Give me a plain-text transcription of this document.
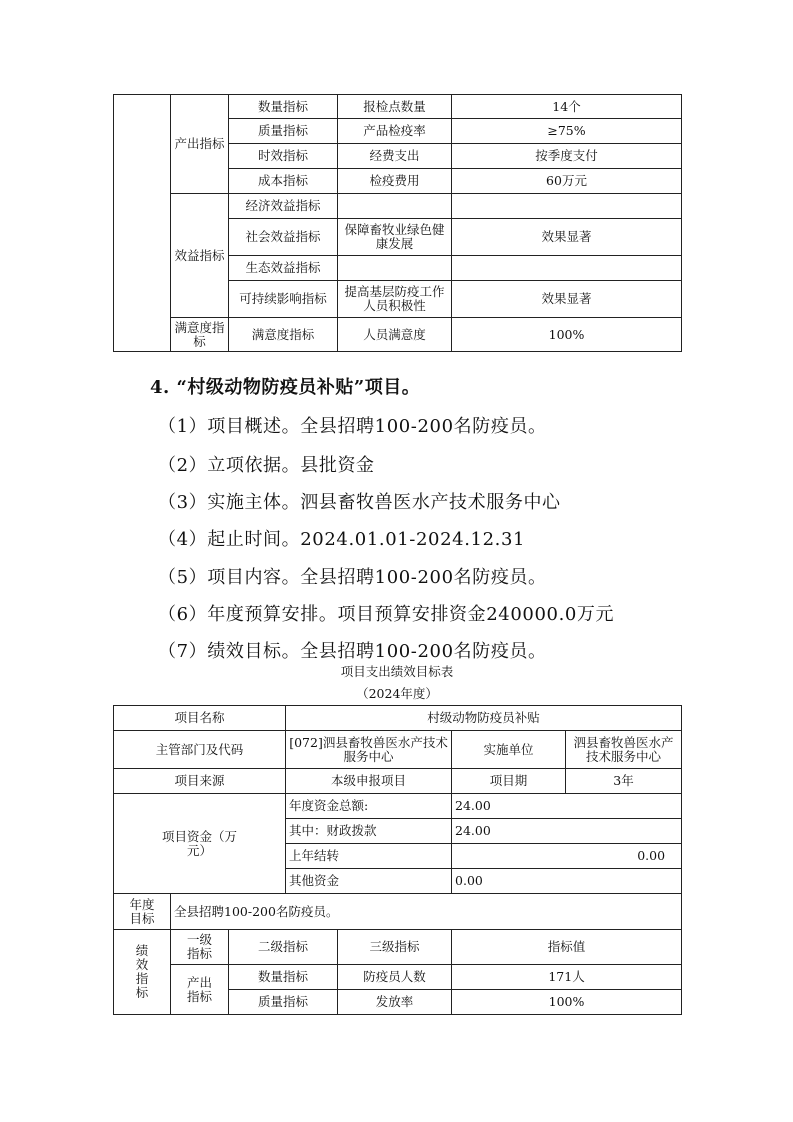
	产出指标	数量指标	报检点数量	14个
		质量指标	产品检疫率	≥75%
		时效指标	经费支出	按季度支付
		成本指标	检疫费用	60万元
	效益指标	经济效益指标		
		社会效益指标	保障畜牧业绿色健康发展	效果显著
		生态效益指标		
		可持续影响指标	提高基层防疫工作人员积极性	效果显著
	满意度指标	满意度指标	人员满意度	100%
4. “村级动物防疫员补贴”项目。
（1）项目概述。全县招聘100-200名防疫员。
（2）立项依据。县批资金
（3）实施主体。泗县畜牧兽医水产技术服务中心
（4）起止时间。2024.01.01-2024.12.31
（5）项目内容。全县招聘100-200名防疫员。
（6）年度预算安排。项目预算安排资金240000.0万元
（7）绩效目标。全县招聘100-200名防疫员。
项目支出绩效目标表
（2024年度）
项目名称			村级动物防疫员补贴			
主管部门及代码			[072]泗县畜牧兽医水产技术服务中心		实施单位	泗县畜牧兽医水产技术服务中心
项目来源			本级申报项目		项目期	3年
项目资金（万元）			年度资金总额:		24.00	
			其中：财政拨款		24.00	
			上年结转		0.00	
			其他资金		0.00	
年度目标	全县招聘100-200名防疫员。					
绩效指标	一级指标	二级指标		三级指标	指标值	
	产出指标	数量指标		防疫员人数	171人	
		质量指标		发放率	100%	
